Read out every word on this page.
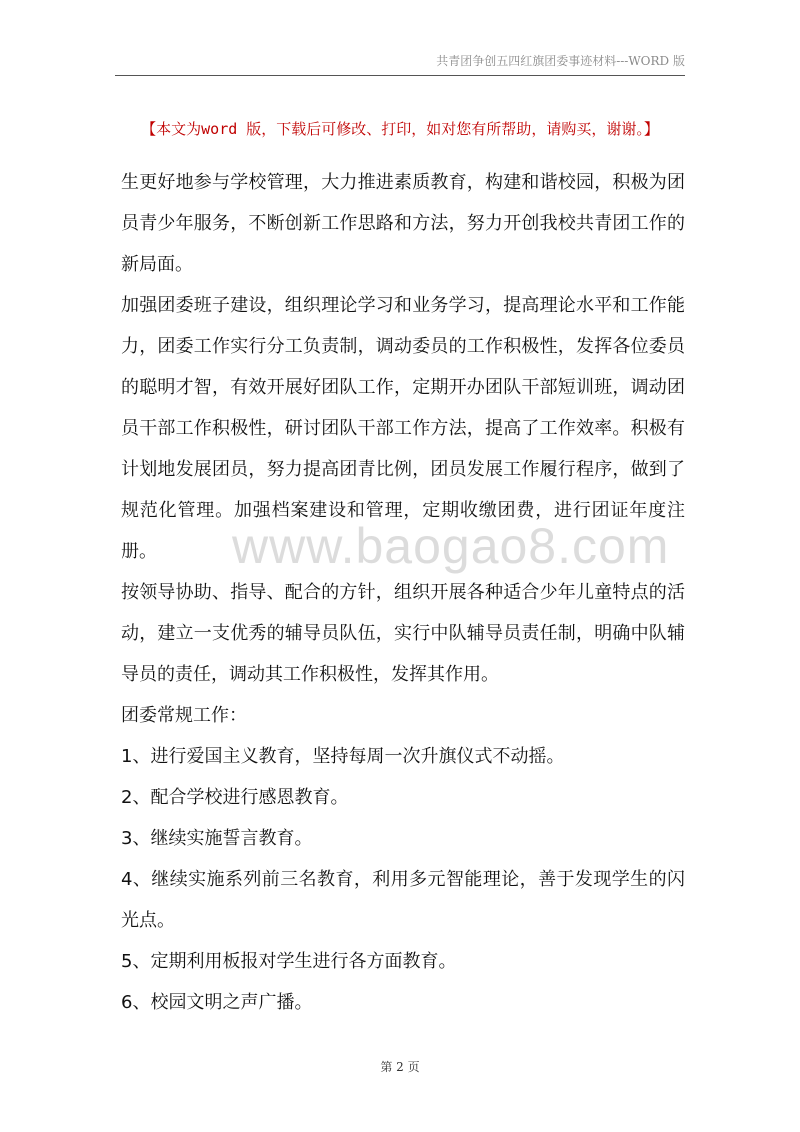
共青团争创五四红旗团委事迹材料---WORD 版
【本文为word 版，下载后可修改、打印，如对您有所帮助，请购买，谢谢。】

生更好地参与学校管理，大力推进素质教育，构建和谐校园，积极为团员青少年服务，不断创新工作思路和方法，努力开创我校共青团工作的新局面。

加强团委班子建设，组织理论学习和业务学习，提高理论水平和工作能力，团委工作实行分工负责制，调动委员的工作积极性，发挥各位委员的聪明才智，有效开展好团队工作，定期开办团队干部短训班，调动团员干部工作积极性，研讨团队干部工作方法，提高了工作效率。积极有计划地发展团员，努力提高团青比例，团员发展工作履行程序，做到了规范化管理。加强档案建设和管理，定期收缴团费，进行团证年度注册。

按领导协助、指导、配合的方针，组织开展各种适合少年儿童特点的活动，建立一支优秀的辅导员队伍，实行中队辅导员责任制，明确中队辅导员的责任，调动其工作积极性，发挥其作用。

团委常规工作：

1、进行爱国主义教育，坚持每周一次升旗仪式不动摇。

2、配合学校进行感恩教育。

3、继续实施誓言教育。

4、继续实施系列前三名教育，利用多元智能理论，善于发现学生的闪光点。

5、定期利用板报对学生进行各方面教育。

6、校园文明之声广播。

www.baogao8.com
第 2 页
